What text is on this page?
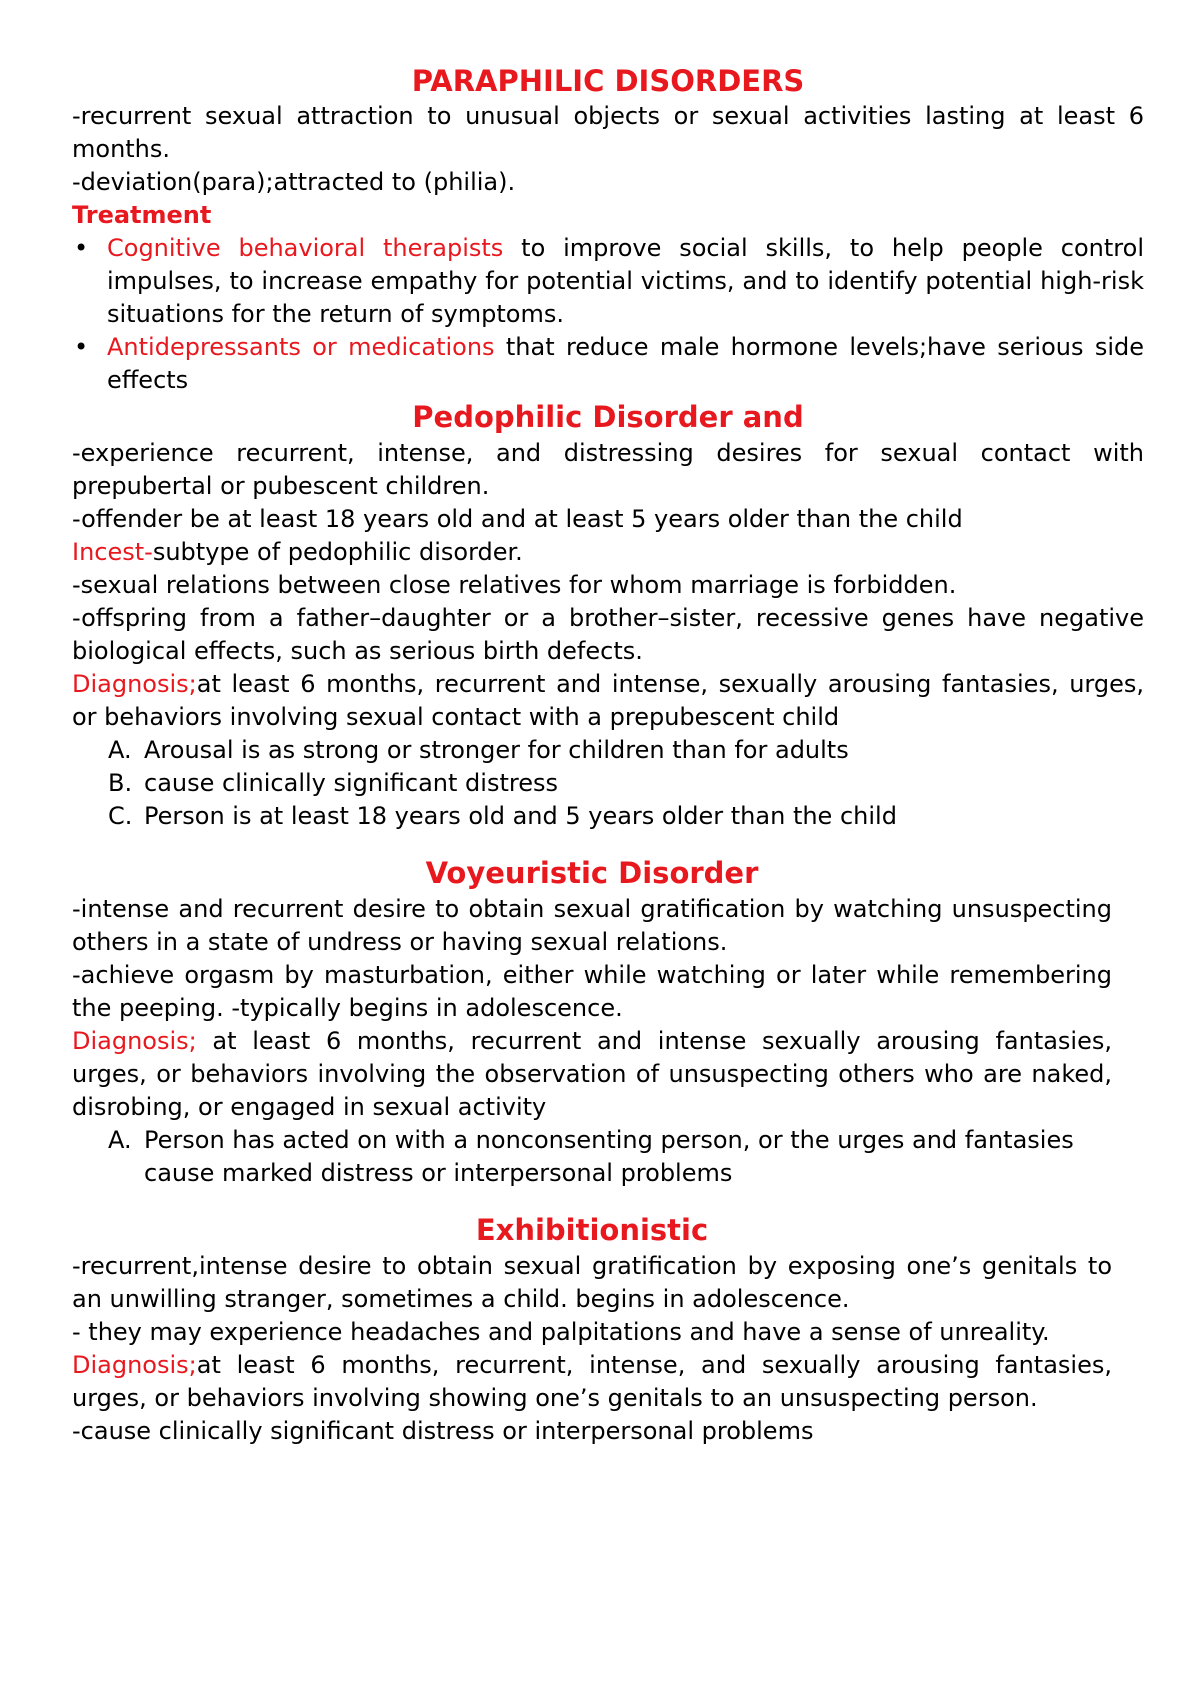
PARAPHILIC DISORDERS

-recurrent sexual attraction to unusual objects or sexual activities lasting at least 6 months.

-deviation(para);attracted to (philia).

Treatment
• Cognitive behavioral therapists to improve social skills, to help people control impulses, to increase empathy for potential victims, and to identify potential high-risk situations for the return of symptoms.
• Antidepressants or medications that reduce male hormone levels;have serious side effects
Pedophilic Disorder and

-experience recurrent, intense, and distressing desires for sexual contact with prepubertal or pubescent children.

-offender be at least 18 years old and at least 5 years older than the child

Incest-subtype of pedophilic disorder.

-sexual relations between close relatives for whom marriage is forbidden.

-offspring from a father–daughter or a brother–sister, recessive genes have negative biological effects, such as serious birth defects.

Diagnosis;at least 6 months, recurrent and intense, sexually arousing fantasies, urges, or behaviors involving sexual contact with a prepubescent child

A. Arousal is as strong or stronger for children than for adults
B. cause clinically significant distress
C. Person is at least 18 years old and 5 years older than the child
Voyeuristic Disorder

-intense and recurrent desire to obtain sexual gratification by watching unsuspecting others in a state of undress or having sexual relations.

-achieve orgasm by masturbation, either while watching or later while remembering the peeping. -typically begins in adolescence.

Diagnosis; at least 6 months, recurrent and intense sexually arousing fantasies, urges, or behaviors involving the observation of unsuspecting others who are naked, disrobing, or engaged in sexual activity

A. Person has acted on with a nonconsenting person, or the urges and fantasies cause marked distress or interpersonal problems
Exhibitionistic

-recurrent,intense desire to obtain sexual gratification by exposing one’s genitals to an unwilling stranger, sometimes a child. begins in adolescence.

- they may experience headaches and palpitations and have a sense of unreality.

Diagnosis;at least 6 months, recurrent, intense, and sexually arousing fantasies, urges, or behaviors involving showing one’s genitals to an unsuspecting person.

-cause clinically significant distress or interpersonal problems
